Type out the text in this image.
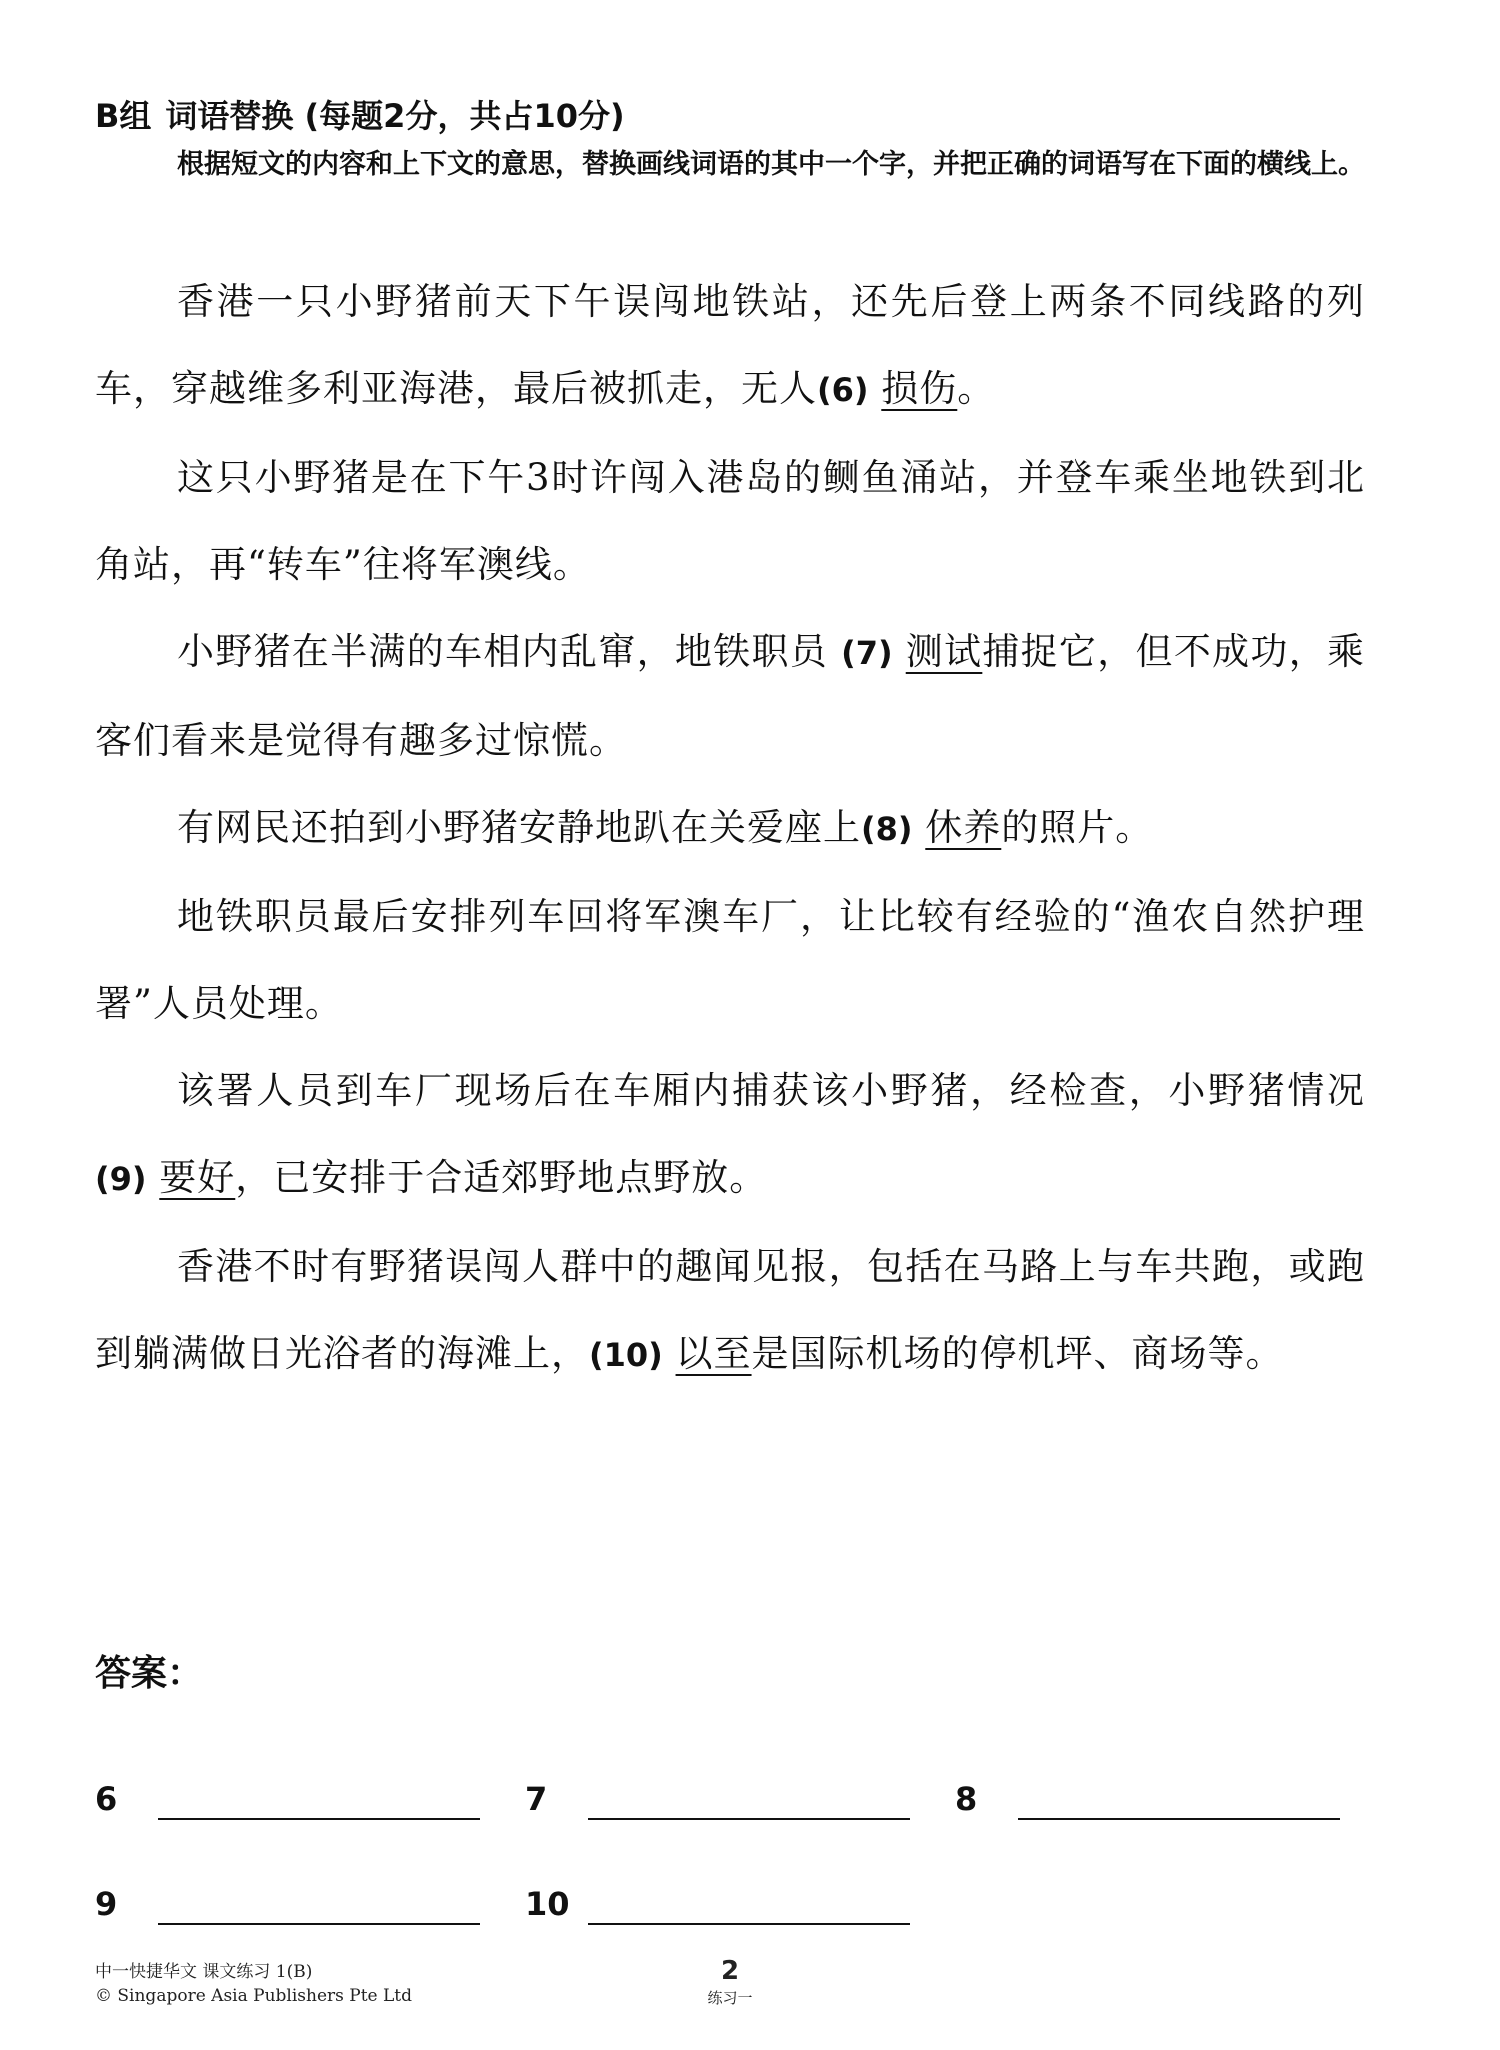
B组 词语替换 (每题2分，共占10分)
根据短文的内容和上下文的意思，替换画线词语的其中一个字，并把正确的词语写在下面的横线上。

香港一只小野猪前天下午误闯地铁站，还先后登上两条不同线路的列车，穿越维多利亚海港，最后被抓走，无人(6) 损伤。

这只小野猪是在下午3时许闯入港岛的鲗鱼涌站，并登车乘坐地铁到北角站，再“转车”往将军澳线。

小野猪在半满的车相内乱窜，地铁职员 (7) 测试捕捉它，但不成功，乘客们看来是觉得有趣多过惊慌。

有网民还拍到小野猪安静地趴在关爱座上(8) 休养的照片。

地铁职员最后安排列车回将军澳车厂，让比较有经验的“渔农自然护理署”人员处理。

该署人员到车厂现场后在车厢内捕获该小野猪，经检查，小野猪情况(9) 要好，已安排于合适郊野地点野放。

香港不时有野猪误闯人群中的趣闻见报，包括在马路上与车共跑，或跑到躺满做日光浴者的海滩上，(10) 以至是国际机场的停机坪、商场等。

答案：
6	7	8
9	10
中一快捷华文 课文练习 1(B)
© Singapore Asia Publishers Pte Ltd
2
练习一
